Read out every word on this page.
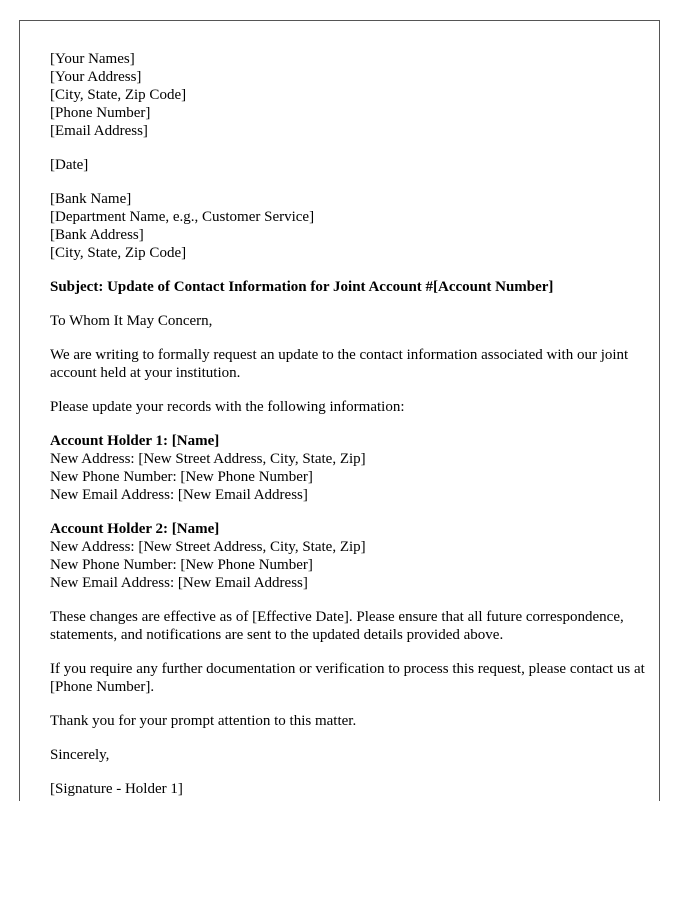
[Your Names]
[Your Address]
[City, State, Zip Code]
[Phone Number]
[Email Address]

[Date]

[Bank Name]
[Department Name, e.g., Customer Service]
[Bank Address]
[City, State, Zip Code]

Subject: Update of Contact Information for Joint Account #[Account Number]

To Whom It May Concern,

We are writing to formally request an update to the contact information associated with our joint account held at your institution.

Please update your records with the following information:

Account Holder 1: [Name]
New Address: [New Street Address, City, State, Zip]
New Phone Number: [New Phone Number]
New Email Address: [New Email Address]

Account Holder 2: [Name]
New Address: [New Street Address, City, State, Zip]
New Phone Number: [New Phone Number]
New Email Address: [New Email Address]

These changes are effective as of [Effective Date]. Please ensure that all future correspondence, statements, and notifications are sent to the updated details provided above.

If you require any further documentation or verification to process this request, please contact us at [Phone Number].

Thank you for your prompt attention to this matter.

Sincerely,

[Signature - Holder 1]
